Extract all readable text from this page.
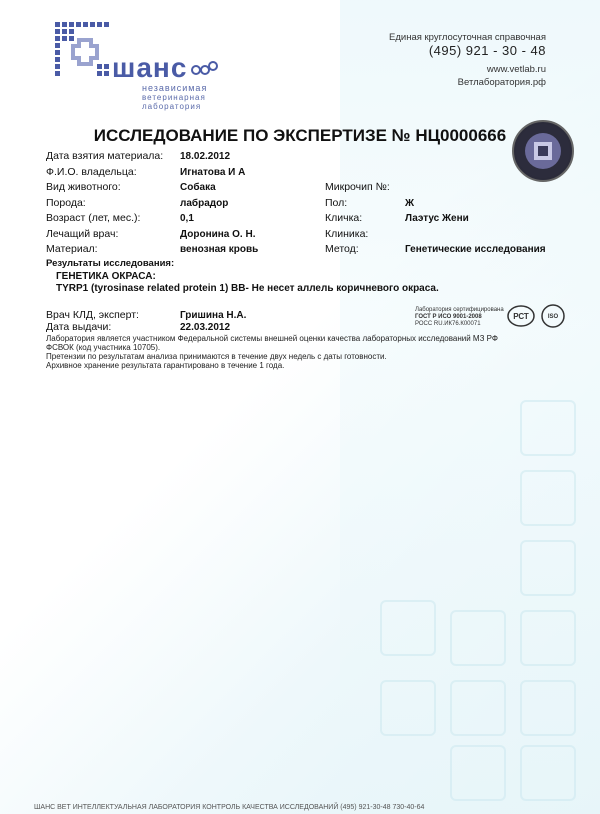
шанс
независимая
ветеринарная
лаборатория
Единая круглосуточная справочная
(495) 921 - 30 - 48
www.vetlab.ru
Ветлаборатория.рф
ИССЛЕДОВАНИЕ ПО ЭКСПЕРТИЗЕ № НЦ0000666
Дата взятия материала: 18.02.2012
Ф.И.О. владельца:	Игнатова И А
Вид животного:	Собака	Микрочип №:
Порода:	лабрадор	Пол:	Ж
Возраст (лет, мес.):	0,1	Кличка:	Лаэтус Жени
Лечащий врач:	Доронина О. Н.	Клиника:
Материал:	венозная кровь	Метод:	Генетические исследования
Результаты исследования:
ГЕНЕТИКА ОКРАСА:
TYRP1 (tyrosinase related protein 1) ВВ- Не несет аллель коричневого окраса.
Врач КЛД, эксперт:	Гришина Н.А.
Дата выдачи:	22.03.2012
Лаборатория сертифицирована
ГОСТ Р ИСО 9001-2008
РОСС RU.ИК76.К00071
РСТ	ISO
Лаборатория является участником Федеральной системы внешней оценки качества лабораторных исследований МЗ РФ
ФСВОК (код участника 10705).
Претензии по результатам анализа принимаются в течение двух недель с даты готовности.
Архивное хранение результата гарантировано в течение 1 года.
ШАНС ВЕТ ИНТЕЛЛЕКТУАЛЬНАЯ ЛАБОРАТОРИЯ КОНТРОЛЬ КАЧЕСТВА ИССЛЕДОВАНИЙ (495) 921-30-48 730-40-64
